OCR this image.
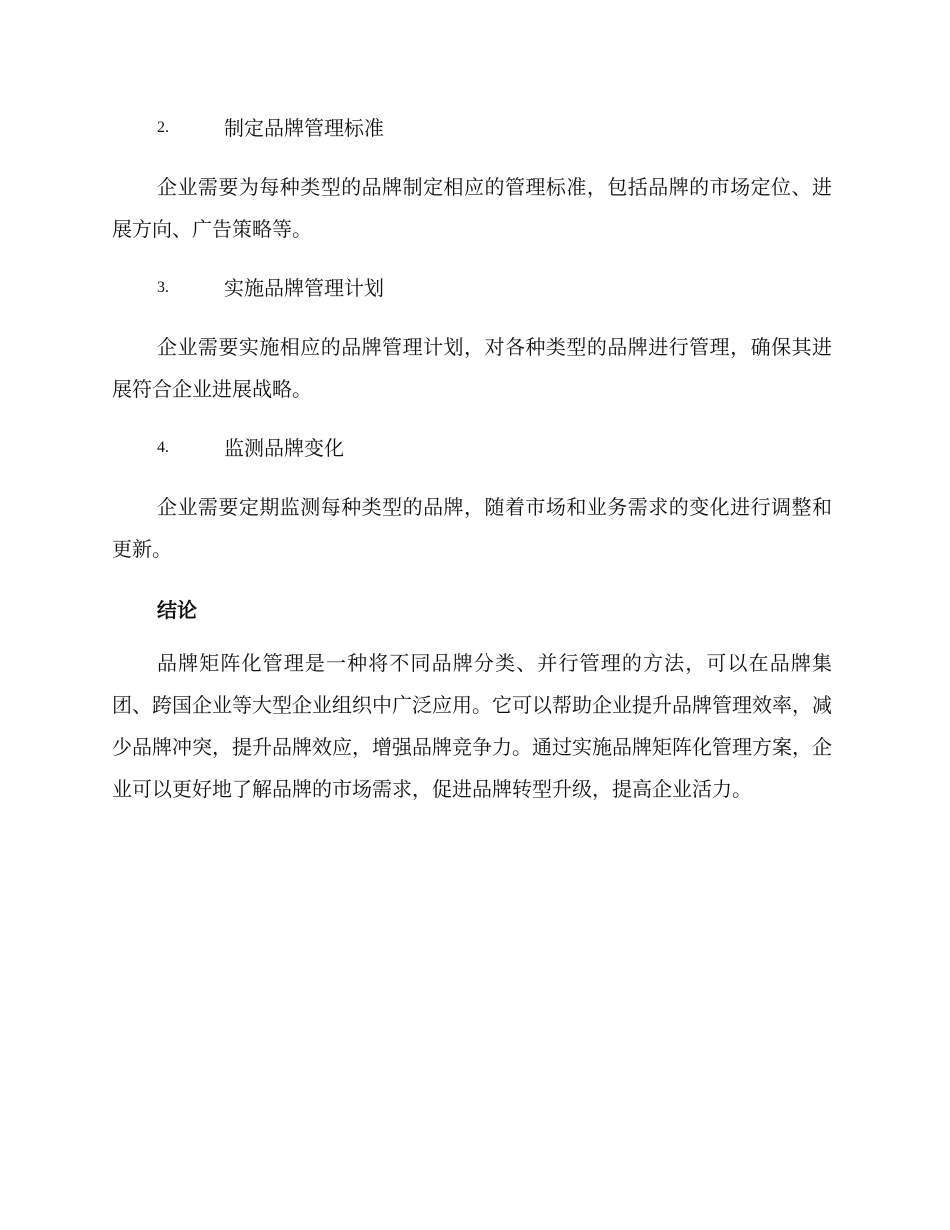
2.	制定品牌管理标准

企业需要为每种类型的品牌制定相应的管理标准，包括品牌的市场定位、进展方向、广告策略等。

3.	实施品牌管理计划

企业需要实施相应的品牌管理计划，对各种类型的品牌进行管理，确保其进展符合企业进展战略。

4.	监测品牌变化

企业需要定期监测每种类型的品牌，随着市场和业务需求的变化进行调整和更新。

结论

品牌矩阵化管理是一种将不同品牌分类、并行管理的方法，可以在品牌集团、跨国企业等大型企业组织中广泛应用。它可以帮助企业提升品牌管理效率，减少品牌冲突，提升品牌效应，增强品牌竞争力。通过实施品牌矩阵化管理方案，企业可以更好地了解品牌的市场需求，促进品牌转型升级，提高企业活力。
